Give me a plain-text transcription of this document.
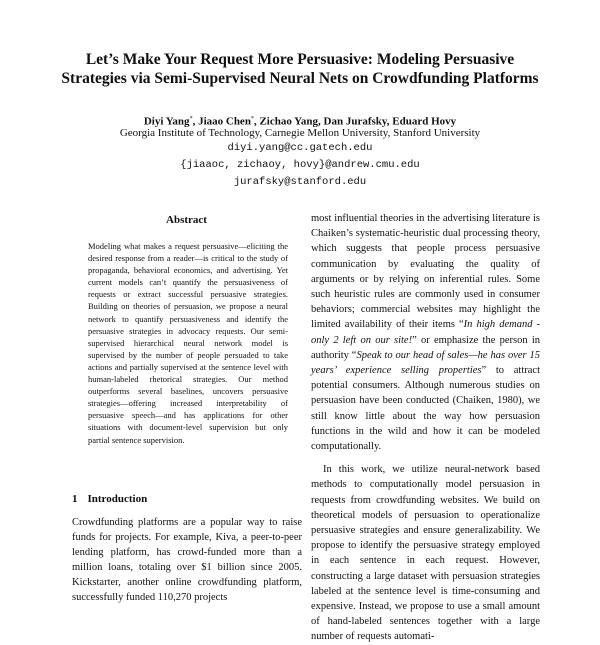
Let’s Make Your Request More Persuasive: Modeling Persuasive
Strategies via Semi-Supervised Neural Nets on Crowdfunding Platforms
Diyi Yang*, Jiaao Chen*, Zichao Yang, Dan Jurafsky, Eduard Hovy
Georgia Institute of Technology, Carnegie Mellon University, Stanford University
diyi.yang@cc.gatech.edu
{jiaaoc, zichaoy, hovy}@andrew.cmu.edu
jurafsky@stanford.edu
Abstract
Modeling what makes a request persuasive—eliciting the desired response from a reader—is critical to the study of propaganda, behavioral economics, and advertising. Yet current models can’t quantify the persuasiveness of requests or extract successful persuasive strategies. Building on theories of persuasion, we propose a neural network to quantify persuasiveness and identify the persuasive strategies in advocacy requests. Our semi-supervised hierarchical neural network model is supervised by the number of people persuaded to take actions and partially supervised at the sentence level with human-labeled rhetorical strategies. Our method outperforms several baselines, uncovers persuasive strategies—offering increased interpretability of persuasive speech—and has applications for other situations with document-level supervision but only partial sentence supervision.
1 Introduction
Crowdfunding platforms are a popular way to raise funds for projects. For example, Kiva, a peer-to-peer lending platform, has crowd-funded more than a million loans, totaling over $1 billion since 2005. Kickstarter, another online crowdfunding platform, successfully funded 110,270 projects

most influential theories in the advertising literature is Chaiken’s systematic-heuristic dual processing theory, which suggests that people process persuasive communication by evaluating the quality of arguments or by relying on inferential rules. Some such heuristic rules are commonly used in consumer behaviors; commercial websites may highlight the limited availability of their items “In high demand - only 2 left on our site!” or emphasize the person in authority “Speak to our head of sales—he has over 15 years’ experience selling properties” to attract potential consumers. Although numerous studies on persuasion have been conducted (Chaiken, 1980), we still know little about the way how persuasion functions in the wild and how it can be modeled computationally.

In this work, we utilize neural-network based methods to computationally model persuasion in requests from crowdfunding websites. We build on theoretical models of persuasion to operationalize persuasive strategies and ensure generalizability. We propose to identify the persuasive strategy employed in each sentence in each request. However, constructing a large dataset with persuasion strategies labeled at the sentence level is time-consuming and expensive. Instead, we propose to use a small amount of hand-labeled sentences together with a large number of requests automati-
